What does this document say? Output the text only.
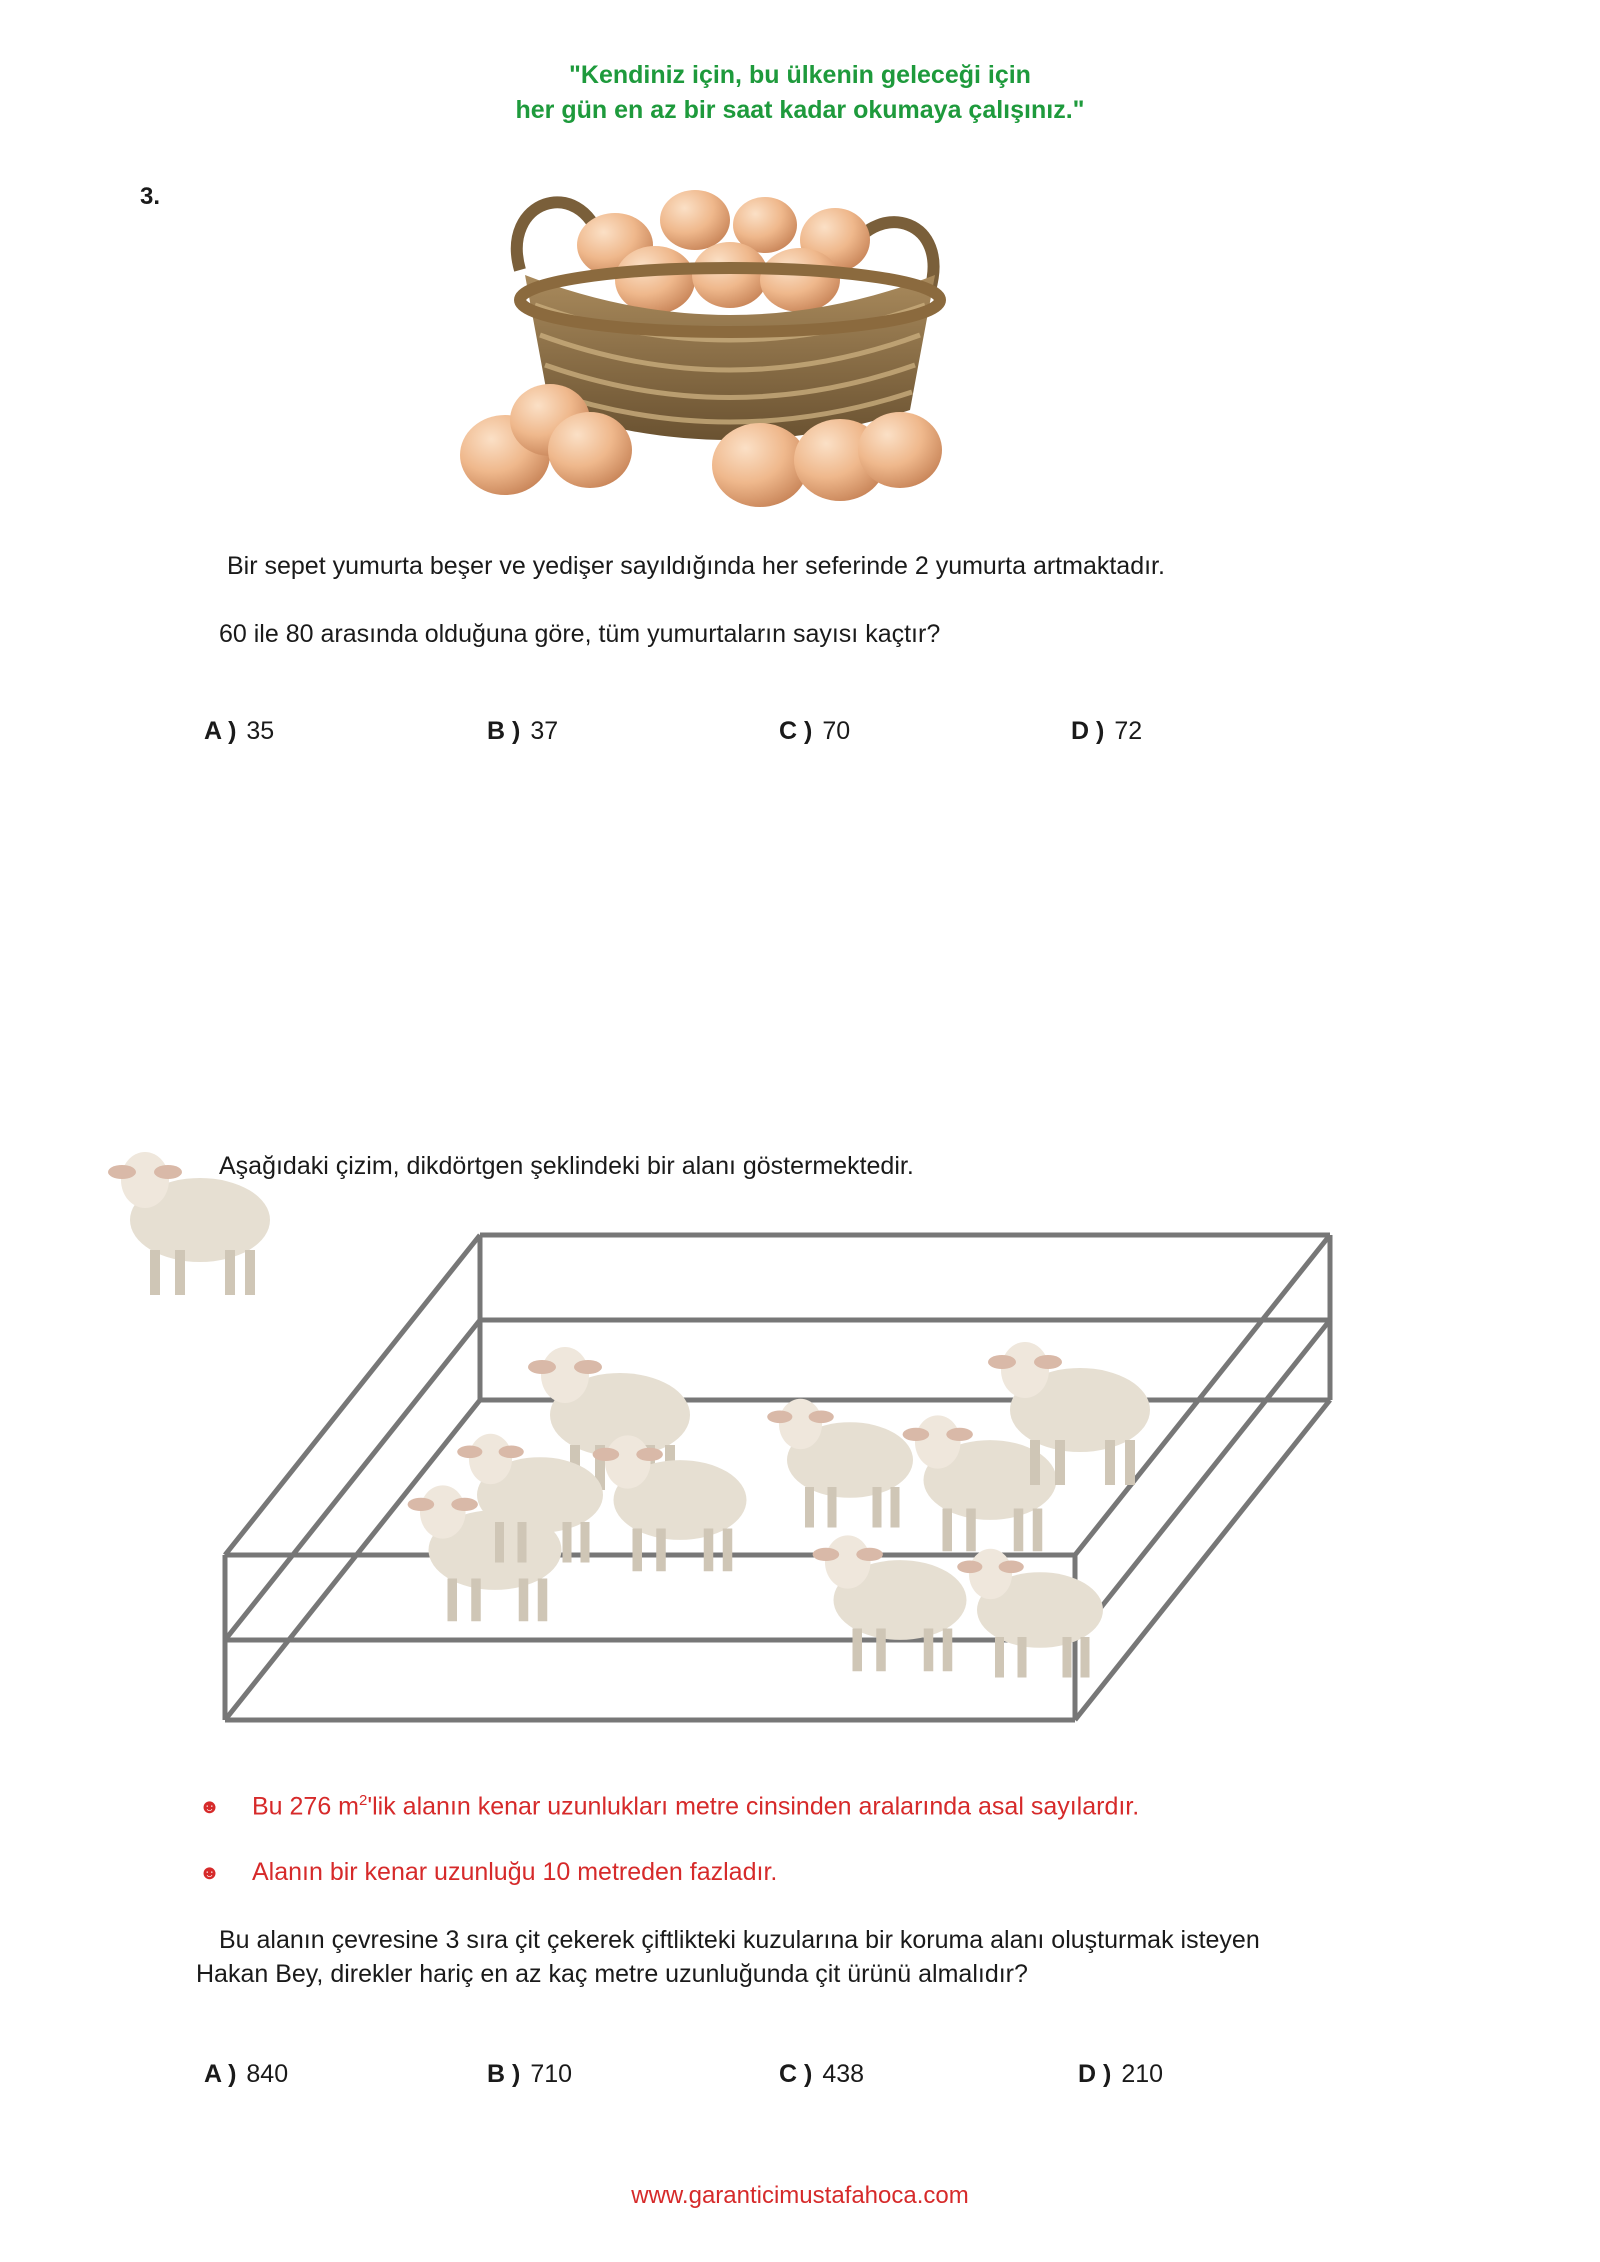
"Kendiniz için, bu ülkenin geleceği için
her gün en az bir saat kadar okumaya çalışınız."
3.
Bir sepet yumurta beşer ve yedişer sayıldığında her seferinde 2 yumurta artmaktadır.
60 ile 80 arasında olduğuna göre, tüm yumurtaların sayısı kaçtır?
A ) 35	B ) 37	C ) 70	D ) 72
Aşağıdaki çizim, dikdörtgen şeklindeki bir alanı göstermektedir.
☻ Bu 276 $m^2'lik$ alanın kenar uzunlukları metre cinsinden aralarında asal sayılardır.
☻ Alanın bir kenar uzunluğu 10 metreden fazladır.
Bu alanın çevresine 3 sıra çit çekerek çiftlikteki kuzularına bir koruma alanı oluşturmak isteyen
Hakan Bey, direkler hariç en az kaç metre uzunluğunda çit ürünü almalıdır?
A ) 840	B ) 710	C ) 438	D ) 210
www.garanticimustafahoca.com
